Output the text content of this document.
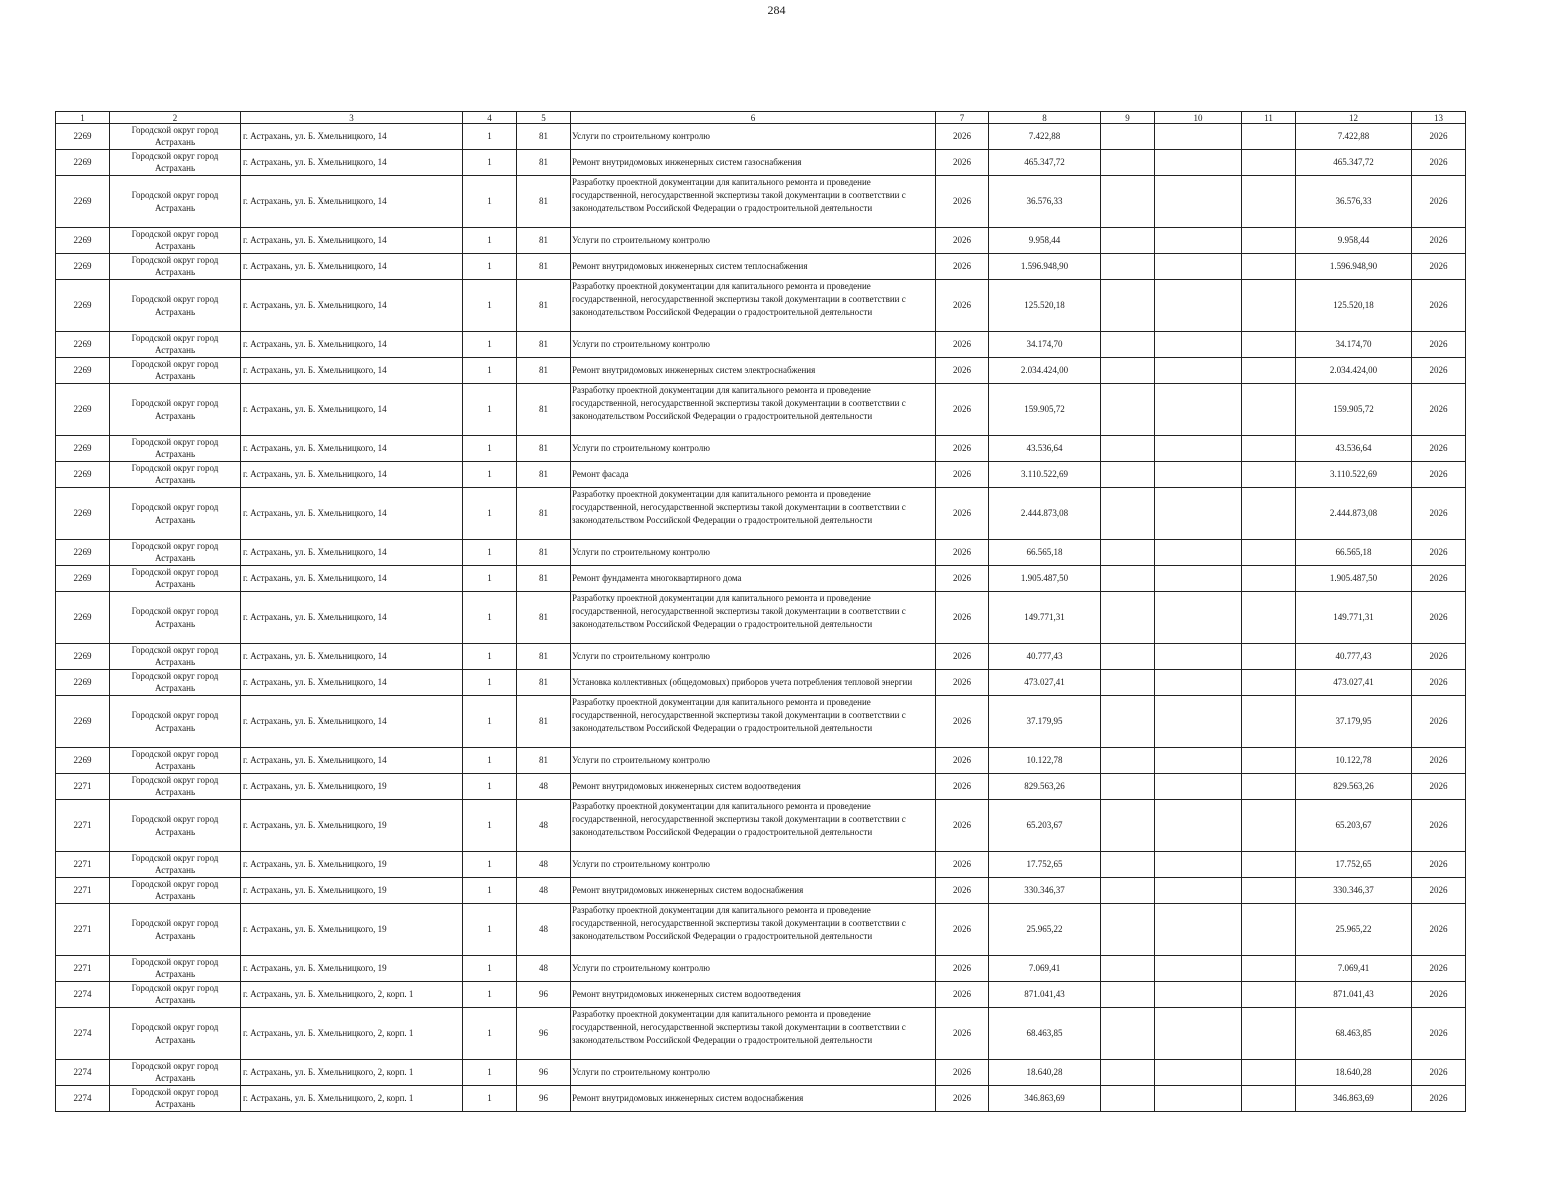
284
1	2	3	4	5	6	7	8	9	10	11	12	13
2269	Городской округ город Астрахань	г. Астрахань, ул. Б. Хмельницкого, 14	1	81	Услуги по строительному контролю	2026	7.422,88				7.422,88	2026
2269	Городской округ город Астрахань	г. Астрахань, ул. Б. Хмельницкого, 14	1	81	Ремонт внутридомовых инженерных систем газоснабжения	2026	465.347,72				465.347,72	2026
2269	Городской округ город Астрахань	г. Астрахань, ул. Б. Хмельницкого, 14	1	81	Разработку проектной документации для капитального ремонта и проведение государственной, негосударственной экспертизы такой документации в соответствии с законодательством Российской Федерации о градостроительной деятельности	2026	36.576,33				36.576,33	2026
2269	Городской округ город Астрахань	г. Астрахань, ул. Б. Хмельницкого, 14	1	81	Услуги по строительному контролю	2026	9.958,44				9.958,44	2026
2269	Городской округ город Астрахань	г. Астрахань, ул. Б. Хмельницкого, 14	1	81	Ремонт внутридомовых инженерных систем теплоснабжения	2026	1.596.948,90				1.596.948,90	2026
2269	Городской округ город Астрахань	г. Астрахань, ул. Б. Хмельницкого, 14	1	81	Разработку проектной документации для капитального ремонта и проведение государственной, негосударственной экспертизы такой документации в соответствии с законодательством Российской Федерации о градостроительной деятельности	2026	125.520,18				125.520,18	2026
2269	Городской округ город Астрахань	г. Астрахань, ул. Б. Хмельницкого, 14	1	81	Услуги по строительному контролю	2026	34.174,70				34.174,70	2026
2269	Городской округ город Астрахань	г. Астрахань, ул. Б. Хмельницкого, 14	1	81	Ремонт внутридомовых инженерных систем электроснабжения	2026	2.034.424,00				2.034.424,00	2026
2269	Городской округ город Астрахань	г. Астрахань, ул. Б. Хмельницкого, 14	1	81	Разработку проектной документации для капитального ремонта и проведение государственной, негосударственной экспертизы такой документации в соответствии с законодательством Российской Федерации о градостроительной деятельности	2026	159.905,72				159.905,72	2026
2269	Городской округ город Астрахань	г. Астрахань, ул. Б. Хмельницкого, 14	1	81	Услуги по строительному контролю	2026	43.536,64				43.536,64	2026
2269	Городской округ город Астрахань	г. Астрахань, ул. Б. Хмельницкого, 14	1	81	Ремонт фасада	2026	3.110.522,69				3.110.522,69	2026
2269	Городской округ город Астрахань	г. Астрахань, ул. Б. Хмельницкого, 14	1	81	Разработку проектной документации для капитального ремонта и проведение государственной, негосударственной экспертизы такой документации в соответствии с законодательством Российской Федерации о градостроительной деятельности	2026	2.444.873,08				2.444.873,08	2026
2269	Городской округ город Астрахань	г. Астрахань, ул. Б. Хмельницкого, 14	1	81	Услуги по строительному контролю	2026	66.565,18				66.565,18	2026
2269	Городской округ город Астрахань	г. Астрахань, ул. Б. Хмельницкого, 14	1	81	Ремонт фундамента многоквартирного дома	2026	1.905.487,50				1.905.487,50	2026
2269	Городской округ город Астрахань	г. Астрахань, ул. Б. Хмельницкого, 14	1	81	Разработку проектной документации для капитального ремонта и проведение государственной, негосударственной экспертизы такой документации в соответствии с законодательством Российской Федерации о градостроительной деятельности	2026	149.771,31				149.771,31	2026
2269	Городской округ город Астрахань	г. Астрахань, ул. Б. Хмельницкого, 14	1	81	Услуги по строительному контролю	2026	40.777,43				40.777,43	2026
2269	Городской округ город Астрахань	г. Астрахань, ул. Б. Хмельницкого, 14	1	81	Установка коллективных (общедомовых) приборов учета потребления тепловой энергии	2026	473.027,41				473.027,41	2026
2269	Городской округ город Астрахань	г. Астрахань, ул. Б. Хмельницкого, 14	1	81	Разработку проектной документации для капитального ремонта и проведение государственной, негосударственной экспертизы такой документации в соответствии с законодательством Российской Федерации о градостроительной деятельности	2026	37.179,95				37.179,95	2026
2269	Городской округ город Астрахань	г. Астрахань, ул. Б. Хмельницкого, 14	1	81	Услуги по строительному контролю	2026	10.122,78				10.122,78	2026
2271	Городской округ город Астрахань	г. Астрахань, ул. Б. Хмельницкого, 19	1	48	Ремонт внутридомовых инженерных систем водоотведения	2026	829.563,26				829.563,26	2026
2271	Городской округ город Астрахань	г. Астрахань, ул. Б. Хмельницкого, 19	1	48	Разработку проектной документации для капитального ремонта и проведение государственной, негосударственной экспертизы такой документации в соответствии с законодательством Российской Федерации о градостроительной деятельности	2026	65.203,67				65.203,67	2026
2271	Городской округ город Астрахань	г. Астрахань, ул. Б. Хмельницкого, 19	1	48	Услуги по строительному контролю	2026	17.752,65				17.752,65	2026
2271	Городской округ город Астрахань	г. Астрахань, ул. Б. Хмельницкого, 19	1	48	Ремонт внутридомовых инженерных систем водоснабжения	2026	330.346,37				330.346,37	2026
2271	Городской округ город Астрахань	г. Астрахань, ул. Б. Хмельницкого, 19	1	48	Разработку проектной документации для капитального ремонта и проведение государственной, негосударственной экспертизы такой документации в соответствии с законодательством Российской Федерации о градостроительной деятельности	2026	25.965,22				25.965,22	2026
2271	Городской округ город Астрахань	г. Астрахань, ул. Б. Хмельницкого, 19	1	48	Услуги по строительному контролю	2026	7.069,41				7.069,41	2026
2274	Городской округ город Астрахань	г. Астрахань, ул. Б. Хмельницкого, 2, корп. 1	1	96	Ремонт внутридомовых инженерных систем водоотведения	2026	871.041,43				871.041,43	2026
2274	Городской округ город Астрахань	г. Астрахань, ул. Б. Хмельницкого, 2, корп. 1	1	96	Разработку проектной документации для капитального ремонта и проведение государственной, негосударственной экспертизы такой документации в соответствии с законодательством Российской Федерации о градостроительной деятельности	2026	68.463,85				68.463,85	2026
2274	Городской округ город Астрахань	г. Астрахань, ул. Б. Хмельницкого, 2, корп. 1	1	96	Услуги по строительному контролю	2026	18.640,28				18.640,28	2026
2274	Городской округ город Астрахань	г. Астрахань, ул. Б. Хмельницкого, 2, корп. 1	1	96	Ремонт внутридомовых инженерных систем водоснабжения	2026	346.863,69				346.863,69	2026
